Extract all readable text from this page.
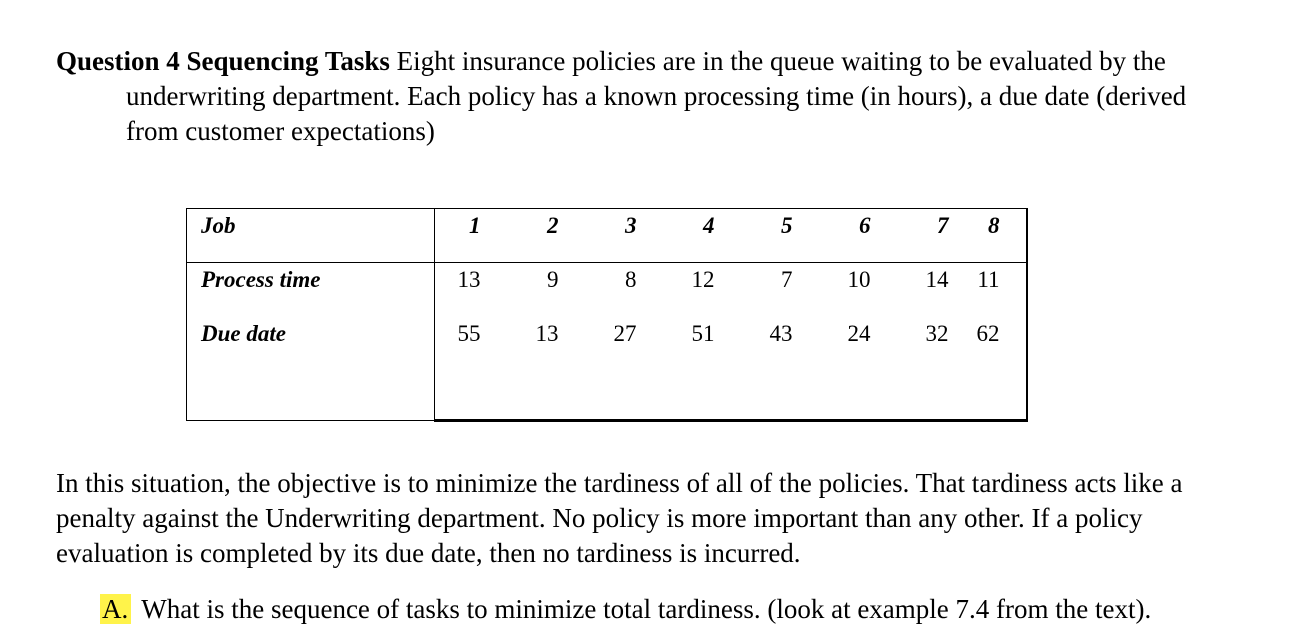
Question 4 Sequencing Tasks Eight insurance policies are in the queue waiting to be evaluated by the
underwriting department. Each policy has a known processing time (in hours), a due date (derived
from customer expectations)
Job	1	2	3	4	5	6	7	8
Process time	13	9	8	12	7	10	14	11
Due date	55	13	27	51	43	24	32	62
In this situation, the objective is to minimize the tardiness of all of the policies. That tardiness acts like a
penalty against the Underwriting department. No policy is more important than any other. If a policy
evaluation is completed by its due date, then no tardiness is incurred.
A. What is the sequence of tasks to minimize total tardiness. (look at example 7.4 from the text).
